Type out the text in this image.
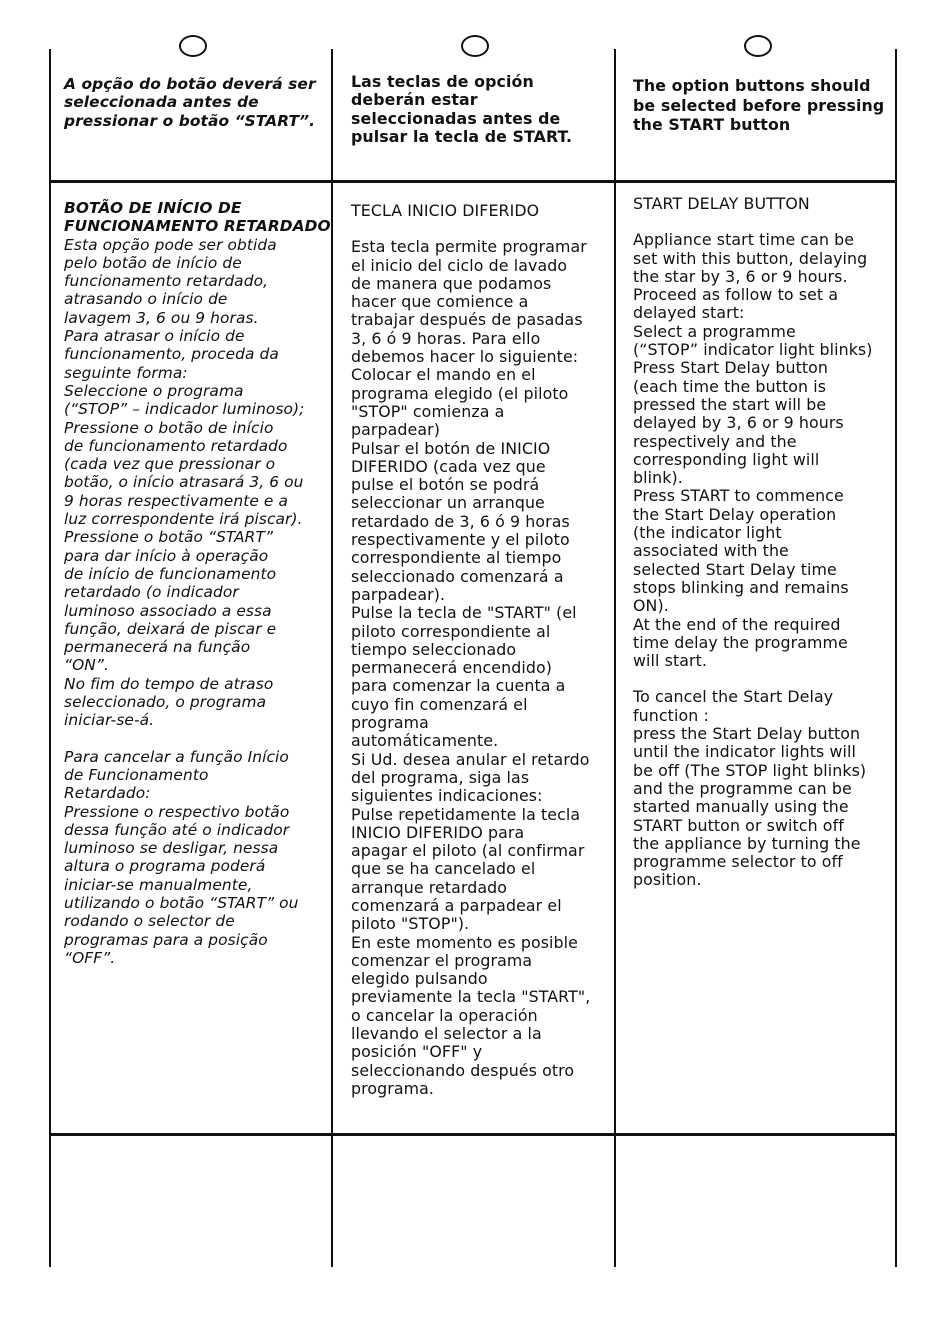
A opção do botão deverá ser
seleccionada antes de
pressionar o botão “START”.
BOTÃO DE INÍCIO DE
FUNCIONAMENTO RETARDADO
Esta opção pode ser obtida
pelo botão de início de
funcionamento retardado,
atrasando o início de
lavagem 3, 6 ou 9 horas.
Para atrasar o início de
funcionamento, proceda da
seguinte forma:
Seleccione o programa
(“STOP” – indicador luminoso);
Pressione o botão de início
de funcionamento retardado
(cada vez que pressionar o
botão, o início atrasará 3, 6 ou
9 horas respectivamente e a
luz correspondente irá piscar).
Pressione o botão “START”
para dar início à operação
de início de funcionamento
retardado (o indicador
luminoso associado a essa
função, deixará de piscar e
permanecerá na função
“ON”.
No fim do tempo de atraso
seleccionado, o programa
iniciar-se-á.
Para cancelar a função Início
de Funcionamento
Retardado:
Pressione o respectivo botão
dessa função até o indicador
luminoso se desligar, nessa
altura o programa poderá
iniciar-se manualmente,
utilizando o botão “START” ou
rodando o selector de
programas para a posição
“OFF”.
Las teclas de opción
deberán estar
seleccionadas antes de
pulsar la tecla de START.
TECLA INICIO DIFERIDO
Esta tecla permite programar
el inicio del ciclo de lavado
de manera que podamos
hacer que comience a
trabajar después de pasadas
3, 6 ó 9 horas. Para ello
debemos hacer lo siguiente:
Colocar el mando en el
programa elegido (el piloto
"STOP" comienza a
parpadear)
Pulsar el botón de INICIO
DIFERIDO (cada vez que
pulse el botón se podrá
seleccionar un arranque
retardado de 3, 6 ó 9 horas
respectivamente y el piloto
correspondiente al tiempo
seleccionado comenzará a
parpadear).
Pulse la tecla de "START" (el
piloto correspondiente al
tiempo seleccionado
permanecerá encendido)
para comenzar la cuenta a
cuyo fin comenzará el
programa
automáticamente.
Si Ud. desea anular el retardo
del programa, siga las
siguientes indicaciones:
Pulse repetidamente la tecla
INICIO DIFERIDO para
apagar el piloto (al confirmar
que se ha cancelado el
arranque retardado
comenzará a parpadear el
piloto "STOP").
En este momento es posible
comenzar el programa
elegido pulsando
previamente la tecla "START",
o cancelar la operación
llevando el selector a la
posición "OFF" y
seleccionando después otro
programa.
The option buttons should
be selected before pressing
the START button
START DELAY BUTTON
Appliance start time can be
set with this button, delaying
the star by 3, 6 or 9 hours.
Proceed as follow to set a
delayed start:
Select a programme
(“STOP” indicator light blinks)
Press Start Delay button
(each time the button is
pressed the start will be
delayed by 3, 6 or 9 hours
respectively and the
corresponding light will
blink).
Press START to commence
the Start Delay operation
(the indicator light
associated with the
selected Start Delay time
stops blinking and remains
ON).
At the end of the required
time delay the programme
will start.
To cancel the Start Delay
function :
press the Start Delay button
until the indicator lights will
be off (The STOP light blinks)
and the programme can be
started manually using the
START button or switch off
the appliance by turning the
programme selector to off
position.
